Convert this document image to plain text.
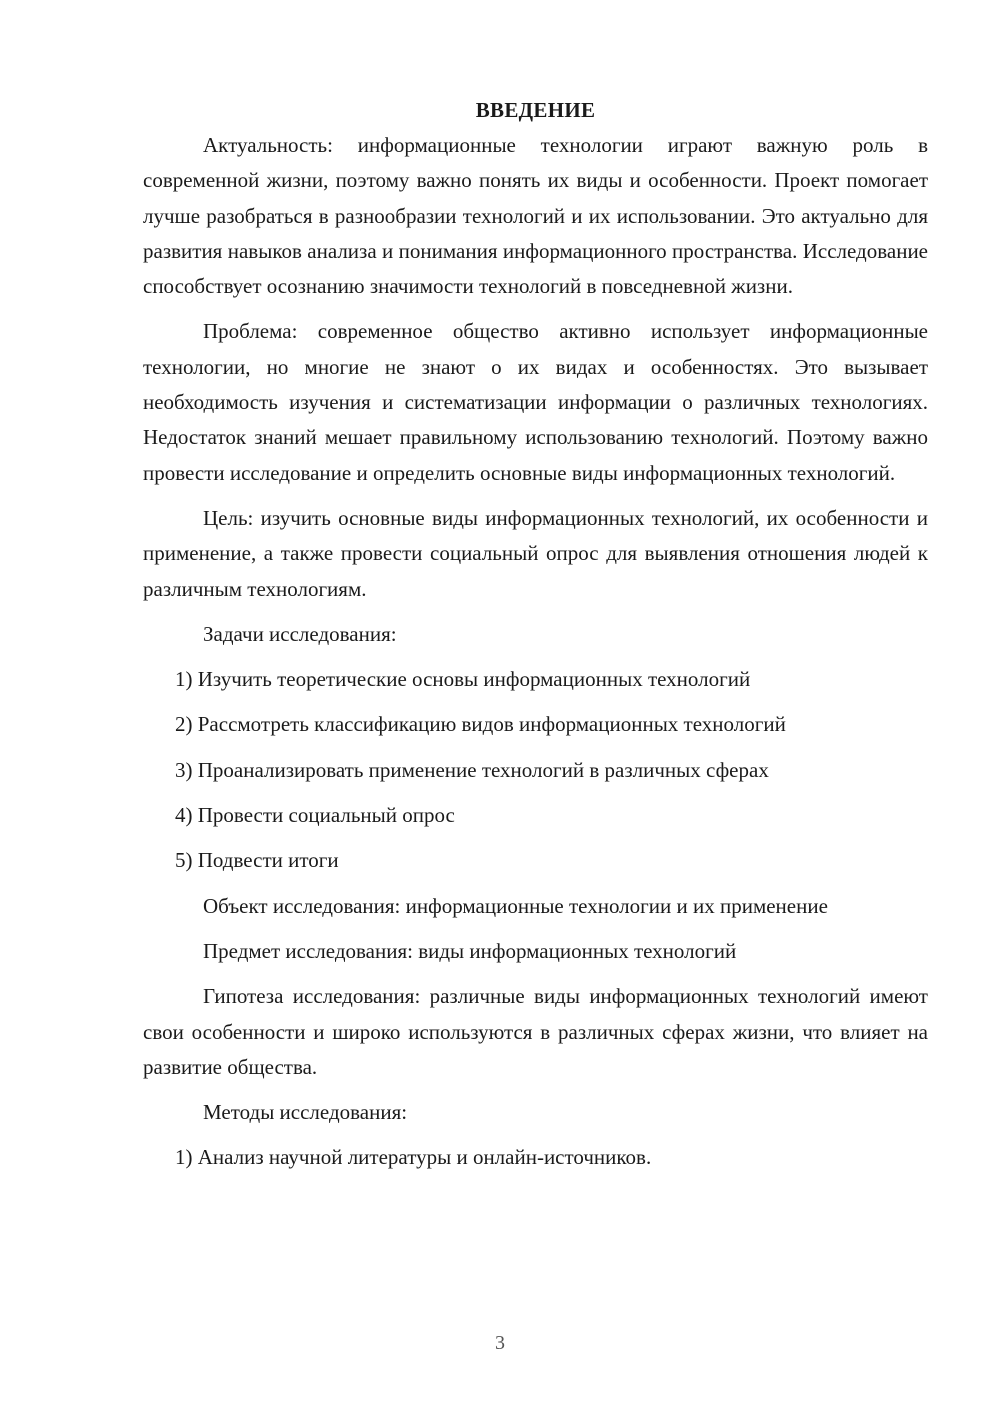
ВВЕДЕНИЕ

Актуальность: информационные технологии играют важную роль в современной жизни, поэтому важно понять их виды и особенности. Проект помогает лучше разобраться в разнообразии технологий и их использовании. Это актуально для развития навыков анализа и понимания информационного пространства. Исследование способствует осознанию значимости технологий в повседневной жизни.

Проблема: современное общество активно использует информационные технологии, но многие не знают о их видах и особенностях. Это вызывает необходимость изучения и систематизации информации о различных технологиях. Недостаток знаний мешает правильному использованию технологий. Поэтому важно провести исследование и определить основные виды информационных технологий.

Цель: изучить основные виды информационных технологий, их особенности и применение, а также провести социальный опрос для выявления отношения людей к различным технологиям.

Задачи исследования:

1) Изучить теоретические основы информационных технологий
2) Рассмотреть классификацию видов информационных технологий
3) Проанализировать применение технологий в различных сферах
4) Провести социальный опрос
5) Подвести итоги

Объект исследования: информационные технологии и их применение

Предмет исследования: виды информационных технологий

Гипотеза исследования: различные виды информационных технологий имеют свои особенности и широко используются в различных сферах жизни, что влияет на развитие общества.

Методы исследования:

1) Анализ научной литературы и онлайн-источников.
3
